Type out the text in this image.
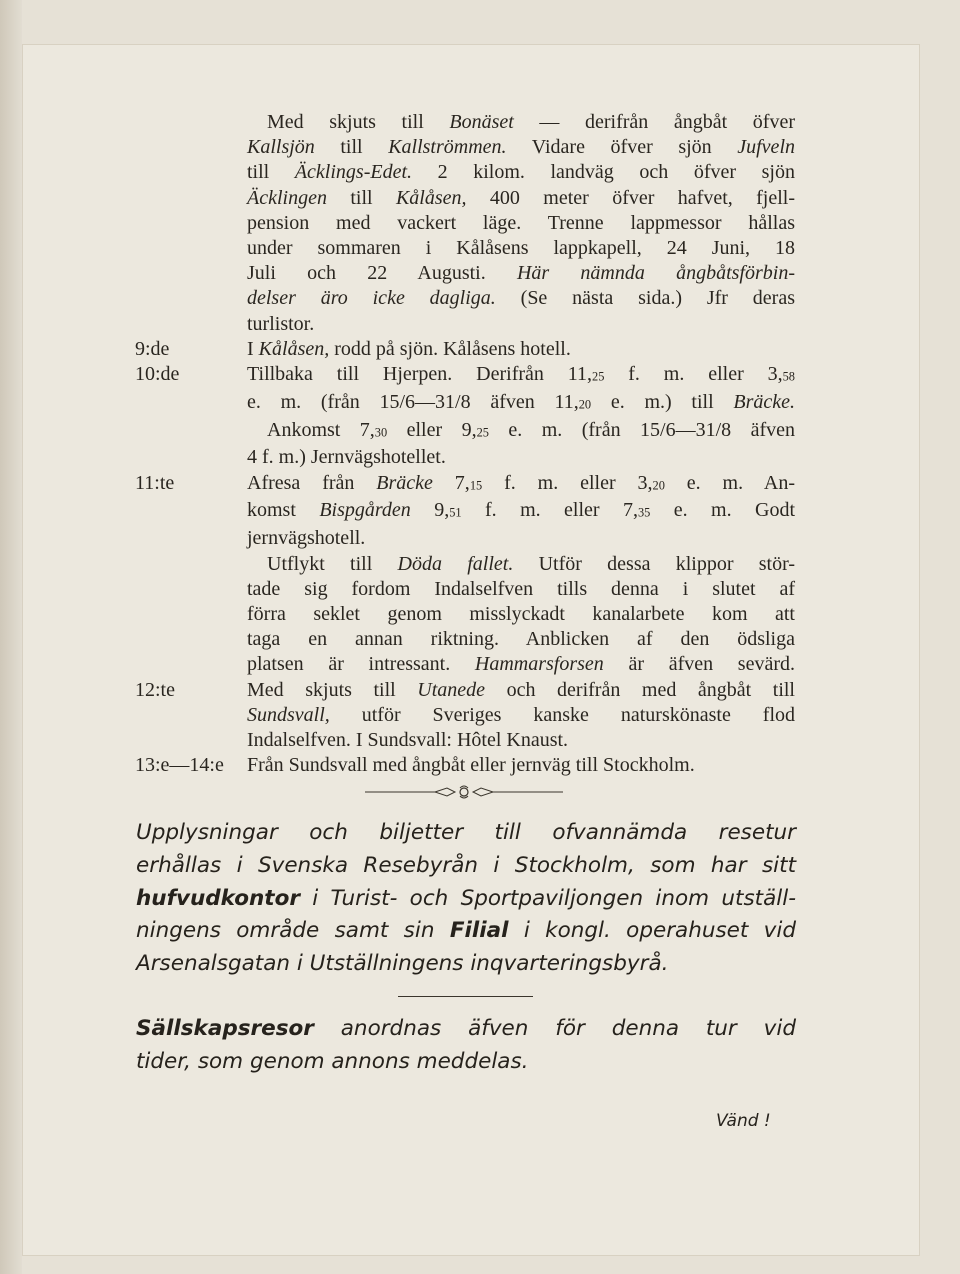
Med skjuts till Bonäset — derifrån ångbåt öfver
Kallsjön till Kallströmmen. Vidare öfver sjön Jufveln
till Äcklings-Edet. 2 kilom. landväg och öfver sjön
Äcklingen till Kålåsen, 400 meter öfver hafvet, fjell-
pension med vackert läge. Trenne lappmessor hållas
under sommaren i Kålåsens lappkapell, 24 Juni, 18
Juli och 22 Augusti. Här nämnda ångbåtsförbin-
delser äro icke dagliga. (Se nästa sida.) Jfr deras
turlistor.
9:de	I Kålåsen, rodd på sjön. Kålåsens hotell.
10:de	Tillbaka till Hjerpen. Derifrån 11,25 f. m. eller 3,58
e. m. (från 15/6—31/8 äfven 11,20 e. m.) till Bräcke.
Ankomst 7,30 eller 9,25 e. m. (från 15/6—31/8 äfven
4 f. m.) Jernvägshotellet.
11:te	Afresa från Bräcke 7,15 f. m. eller 3,20 e. m. An-
komst Bispgården 9,51 f. m. eller 7,35 e. m. Godt
jernvägshotell.
Utflykt till Döda fallet. Utför dessa klippor stör-
tade sig fordom Indalselfven tills denna i slutet af
förra seklet genom misslyckadt kanalarbete kom att
taga en annan riktning. Anblicken af den ödsliga
platsen är intressant. Hammarsforsen är äfven sevärd.
12:te	Med skjuts till Utanede och derifrån med ångbåt till
Sundsvall, utför Sveriges kanske naturskönaste flod
Indalselfven. I Sundsvall: Hôtel Knaust.
13:e—14:e	Från Sundsvall med ångbåt eller jernväg till Stockholm.
Upplysningar och biljetter till ofvannämda resetur
erhållas i Svenska Resebyrån i Stockholm, som har sitt
hufvudkontor i Turist- och Sportpaviljongen inom utställ-
ningens område samt sin Filial i kongl. operahuset vid
Arsenalsgatan i Utställningens inqvarteringsbyrå.
Sällskapsresor anordnas äfven för denna tur vid
tider, som genom annons meddelas.
Vänd !
